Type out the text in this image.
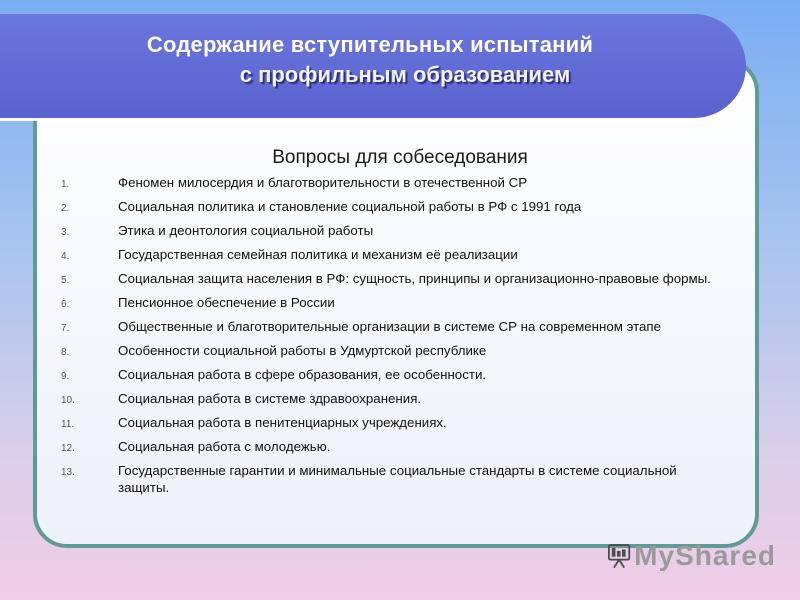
Содержание вступительных испытаний
с профильным образованием
Вопросы для собеседования
1.	Феномен милосердия и благотворительности в отечественной СР
2.	Социальная политика и становление социальной работы в РФ с 1991 года
3.	Этика и деонтология социальной работы
4.	Государственная семейная политика и механизм её реализации
5.	Социальная защита населения в РФ: сущность, принципы и организационно-правовые формы.
6.	Пенсионное обеспечение в России
7.	Общественные и благотворительные организации в системе СР на современном этапе
8.	Особенности социальной работы в Удмуртской республике
9.	Социальная работа в сфере образования, ее особенности.
10.	Социальная работа в системе здравоохранения.
11.	Социальная работа в пенитенциарных учреждениях.
12.	Социальная работа с молодежью.
13.	Государственные гарантии и минимальные социальные стандарты в системе социальной защиты.
MyShared
